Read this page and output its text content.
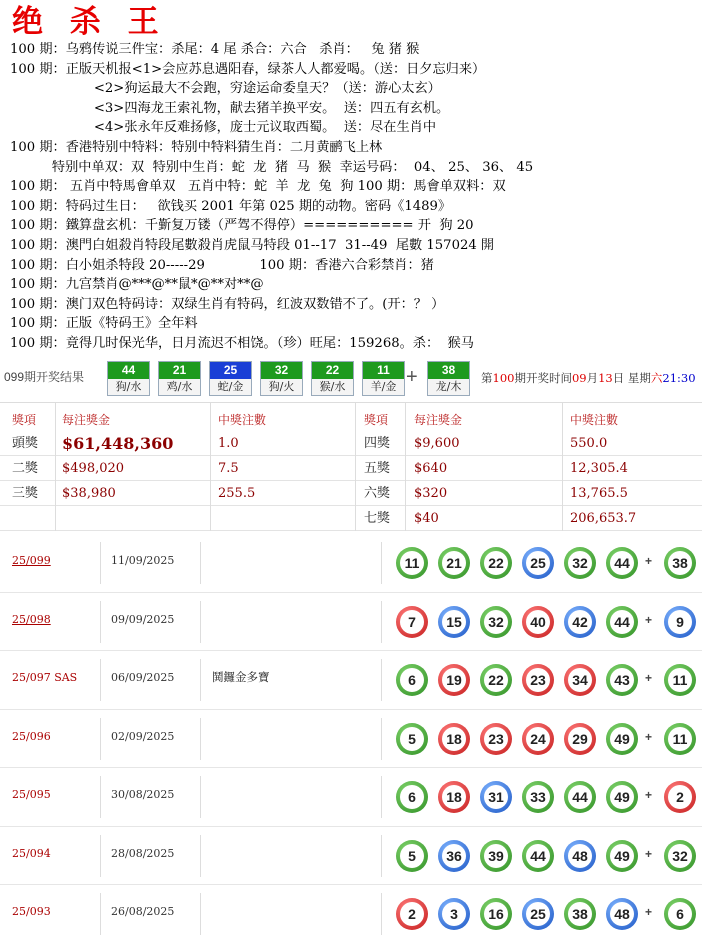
绝 杀 王
100 期：乌鸦传说三件宝：杀尾：4 尾 杀合：六合   杀肖：   兔 猪 猴
100 期：正版天机报<1>会应苏息遇阳春，绿茶人人都爱喝。（送：日夕忘归来）
<2>狗运最大不会跑，穷途运命委皇天？（送：游心太玄）
<3>四海龙王索礼物，献去猪羊换平安。  送：四五有玄机。
<4>张永年反难扬修，庞士元议取西蜀。  送：尽在生肖中
100 期：香港特别中特料：特别中特料猜生肖：二月黄鹂飞上林
特别中单双：双  特别中生肖：蛇  龙  猪  马  猴  幸运号码：  04、 25、 36、 45
100 期： 五肖中特馬會单双   五肖中特：蛇  羊  龙  兔  狗 100 期：馬會单双料：双
100 期：特码过生日：   欲钱买 2001 年第 025 期的动物。密码《1489》
100 期：鐵算盘玄机：千斳复万镂（严驾不得停）========== 开  狗 20
100 期：澳門白姐殺肖特段尾數殺肖虎鼠马特段 01--17  31--49  尾數 157024 開
100 期：白小姐杀特段 20-----29             100 期：香港六合彩禁肖：猪
100 期：九宫禁肖@***@**鼠*@**对**@
100 期：澳门双色特码诗：双绿生肖有特码，红波双数错不了。(开：？ ）
100 期：正版《特码王》全年料
100 期：竟得几时保光华，日月流迟不相饶。（珍）旺尾：159268。杀：  猴马
099期开奖结果	第100期开奖时间09月13日 星期六21:30
44
狗/水
21
鸡/水
25
蛇/金
32
狗/火
22
猴/水
11
羊/金 +	38
龙/木
獎項 每注獎金	中獎注數	獎項 每注獎金	中獎注數
頭獎 $61,448,360	1.0	四獎 $9,600	550.0
二獎 $498,020	7.5	五獎 $640	12,305.4
三獎 $38,980	255.5	六獎 $320	13,765.5
七獎 $40	206,653.7
25/099	11/09/2025	11	21	22	25	32	44	+	38
25/098	09/09/2025	7	15	32	40	42	44	+	9
25/097 SAS	06/09/2025	鬨鑼金多寶	6	19	22	23	34	43	+	11
25/096	02/09/2025	5	18	23	24	29	49	+	11
25/095	30/08/2025	6	18	31	33	44	49	+	2
25/094	28/08/2025	5	36	39	44	48	49	+	32
25/093	26/08/2025	2	3	16	25	38	48	+	6
